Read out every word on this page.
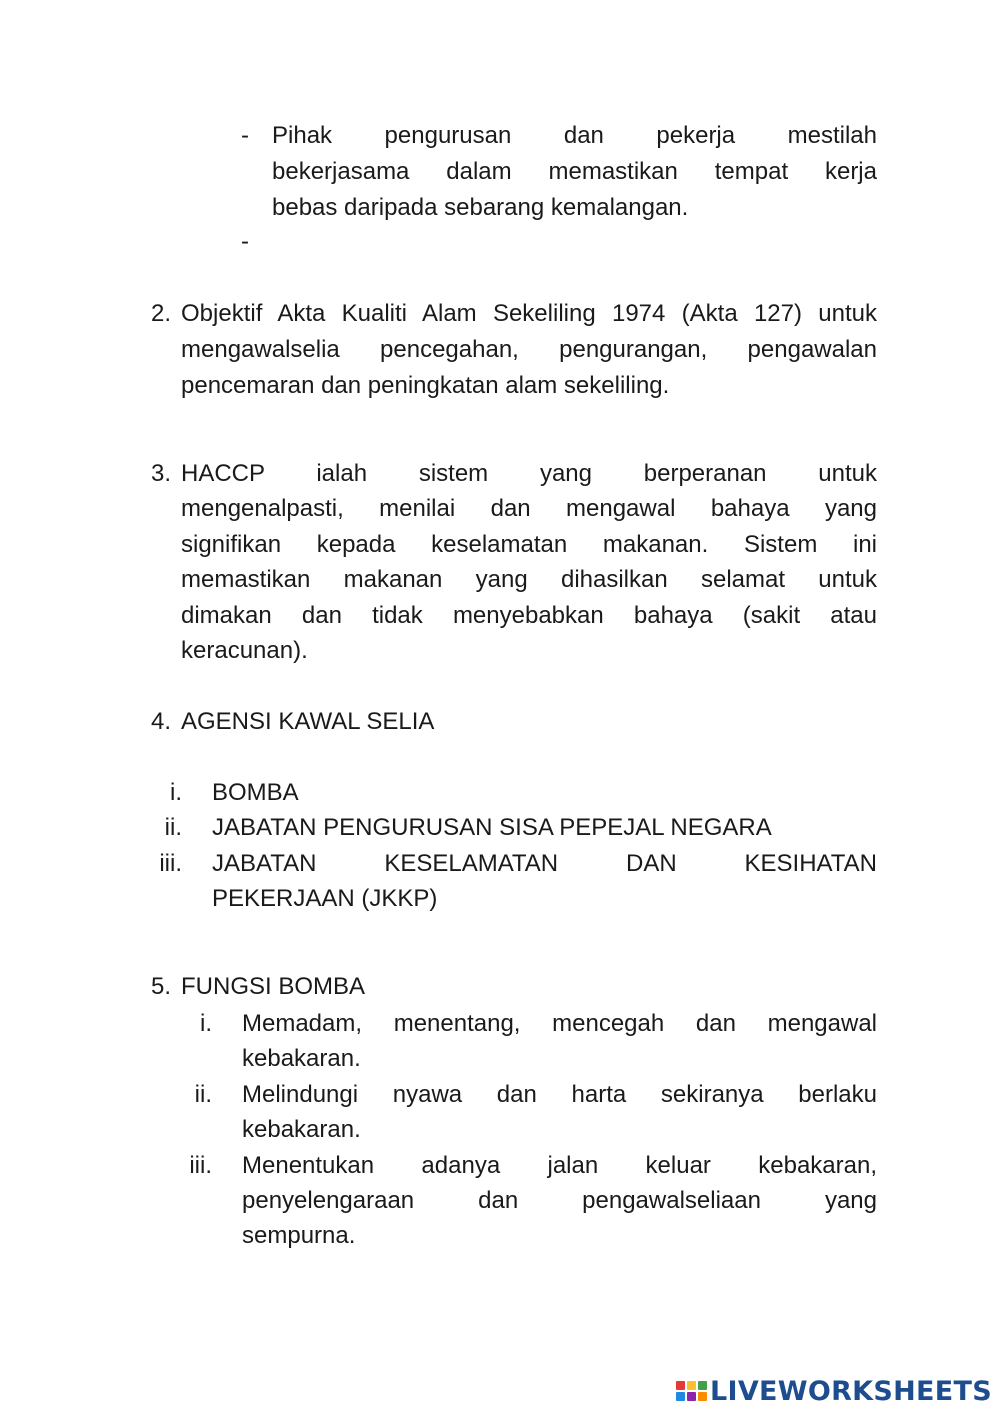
- Pihak pengurusan dan pekerja mestilah
bekerjasama dalam memastikan tempat kerja
bebas daripada sebarang kemalangan.
-
2. Objektif Akta Kualiti Alam Sekeliling 1974 (Akta 127) untuk
mengawalselia pencegahan, pengurangan, pengawalan
pencemaran dan peningkatan alam sekeliling.
3. HACCP ialah sistem yang berperanan untuk
mengenalpasti, menilai dan mengawal bahaya yang
signifikan kepada keselamatan makanan. Sistem ini
memastikan makanan yang dihasilkan selamat untuk
dimakan dan tidak menyebabkan bahaya (sakit atau
keracunan).
4. AGENSI KAWAL SELIA
i. BOMBA
ii. JABATAN PENGURUSAN SISA PEPEJAL NEGARA
iii. JABATAN KESELAMATAN DAN KESIHATAN
PEKERJAAN (JKKP)
5. FUNGSI BOMBA
i. Memadam, menentang, mencegah dan mengawal
kebakaran.
ii. Melindungi nyawa dan harta sekiranya berlaku
kebakaran.
iii. Menentukan adanya jalan keluar kebakaran,
penyelengaraan dan pengawalseliaan yang
sempurna.
LIVEWORKSHEETS
